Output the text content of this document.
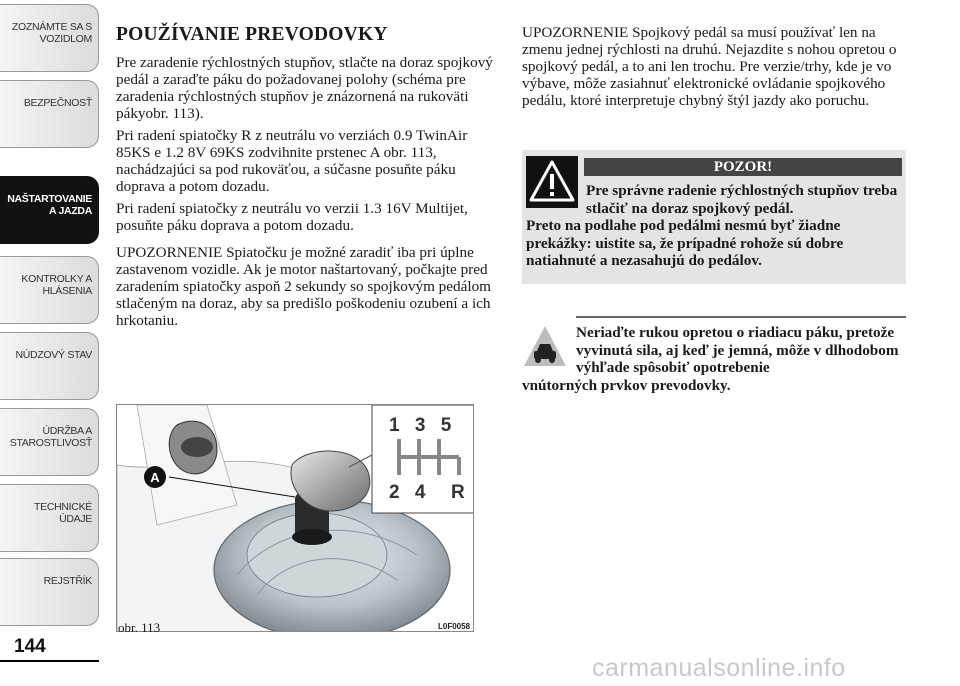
ZOZNÁMTE SA S
VOZIDLOM
BEZPEČNOSŤ
NAŠTARTOVANIE
A JAZDA
KONTROLKY A
HLÁSENIA
NÚDZOVÝ STAV
ÚDRŽBA A
STAROSTLIVOSŤ
TECHNICKÉ
ÚDAJE
REJSTŘÍK
144
POUŽÍVANIE PREVODOVKY

Pre zaradenie rýchlostných stupňov, stlačte na doraz spojkový pedál a zaraďte páku do požadovanej polohy (schéma pre zaradenia rýchlostných stupňov je znázornená na rukoväti pákyobr. 113).

Pri radení spiatočky R z neutrálu vo verziách 0.9 TwinAir 85KS e 1.2 8V 69KS zodvihnite prstenec A obr. 113, nachádzajúci sa pod rukoväťou, a súčasne posuňte páku doprava a potom dozadu.

Pri radení spiatočky z neutrálu vo verzii 1.3 16V Multijet, posuňte páku doprava a potom dozadu.

UPOZORNENIE Spiatočku je možné zaradiť iba pri úplne zastavenom vozidle. Ak je motor naštartovaný, počkajte pred zaradením spiatočky aspoň 2 sekundy so spojkovým pedálom stlačeným na doraz, aby sa predišlo poškodeniu ozubení a ich hrkotaniu.

A
1 3 5
2 4 R
obr. 113	L0F0058

UPOZORNENIE Spojkový pedál sa musí používať len na zmenu jednej rýchlosti na druhú. Nejazdite s nohou opretou o spojkový pedál, a to ani len trochu. Pre verzie/trhy, kde je vo výbave, môže zasiahnuť elektronické ovládanie spojkového pedálu, ktoré interpretuje chybný štýl jazdy ako poruchu.

POZOR!
Pre správne radenie rýchlostných stupňov treba stlačiť na doraz spojkový pedál.
Preto na podlahe pod pedálmi nesmú byť žiadne prekážky: uistite sa, že prípadné rohože sú dobre natiahnuté a nezasahujú do pedálov.
Neriaďte rukou opretou o riadiacu páku, pretože vyvinutá sila, aj keď je jemná, môže v dlhodobom výhľade spôsobiť opotrebenie
vnútorných prvkov prevodovky.
carmanualsonline.info
